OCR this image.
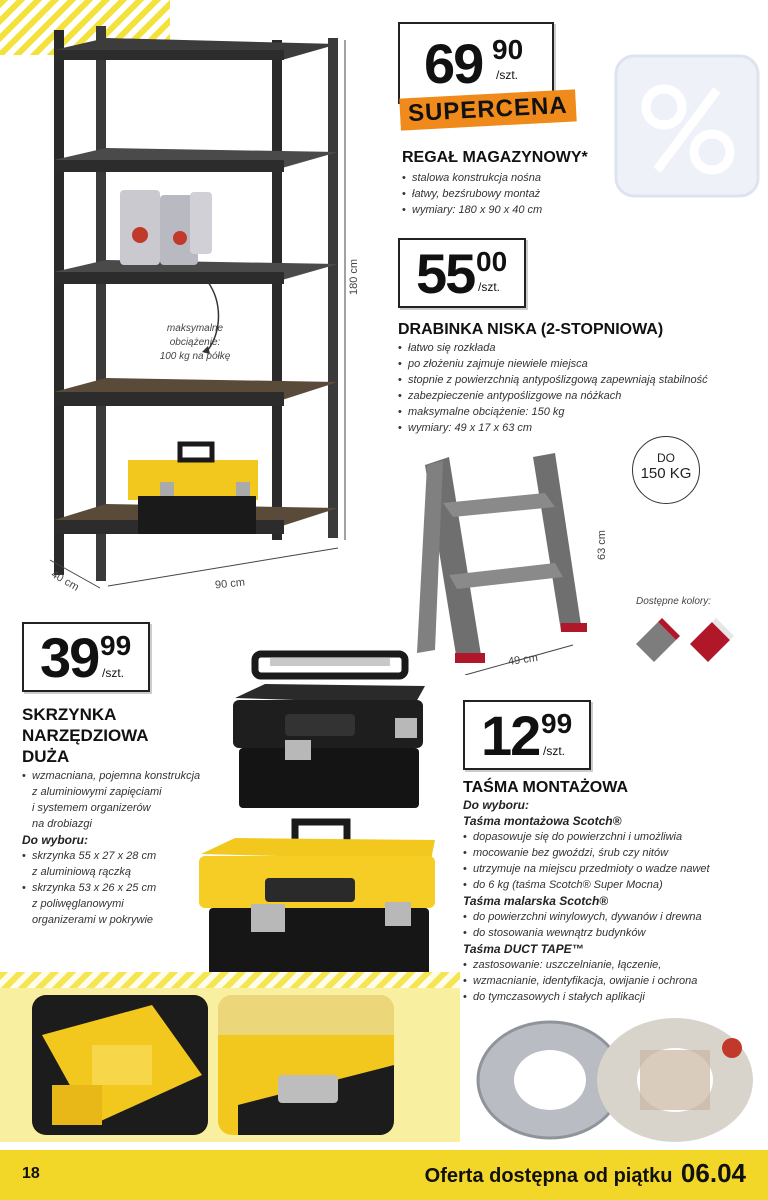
maksymalne
obciążenie:
100 kg na półkę
180 cm
90 cm
40 cm
69 90
/szt.
SUPERCENA
REGAŁ MAGAZYNOWY*
• stalowa konstrukcja nośna
• łatwy, bezśrubowy montaż
• wymiary: 180 x 90 x 40 cm
55 00
/szt.
DRABINKA NISKA (2-STOPNIOWA)
• łatwo się rozkłada
• po złożeniu zajmuje niewiele miejsca
• stopnie z powierzchnią antypoślizgową zapewniają stabilność
• zabezpieczenie antypoślizgowe na nóżkach
• maksymalne obciążenie: 150 kg
• wymiary: 49 x 17 x 63 cm
DO
150 KG
63 cm
49 cm
Dostępne kolory:
39 99
/szt.
SKRZYNKA
NARZĘDZIOWA
DUŻA
wzmacniana, pojemna konstrukcja
z aluminiowymi zapięciami
i systemem organizerów
na drobiazgi
Do wyboru:
skrzynka 55 x 27 x 28 cm
z aluminiową rączką
skrzynka 53 x 26 x 25 cm
z poliwęglanowymi
organizerami w pokrywie
•

•

•
12 99
/szt.
TAŚMA MONTAŻOWA
Do wyboru:
Taśma montażowa Scotch®
• dopasowuje się do powierzchni i umożliwia
• mocowanie bez gwoździ, śrub czy nitów
• utrzymuje na miejscu przedmioty o wadze nawet
• do 6 kg (taśma Scotch® Super Mocna)
Taśma malarska Scotch®
• do powierzchni winylowych, dywanów i drewna
• do stosowania wewnątrz budynków
Taśma DUCT TAPE™
• zastosowanie: uszczelnianie, łączenie,
• wzmacnianie, identyfikacja, owijanie i ochrona
• do tymczasowych i stałych aplikacji
18	Oferta dostępna od piątku 06.04
